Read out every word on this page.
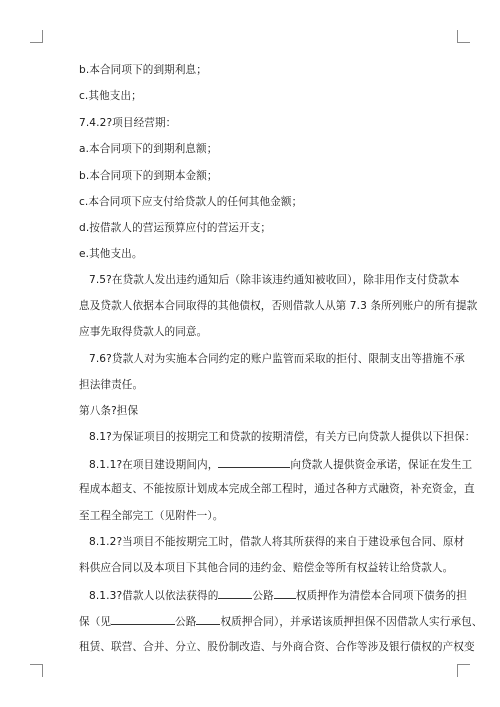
b.本合同项下的到期利息；
c.其他支出；
7.4.2?项目经营期：
a.本合同项下的到期利息额；
b.本合同项下的到期本金额；
c.本合同项下应支付给贷款人的任何其他金额；
d.按借款人的营运预算应付的营运开支；
e.其他支出。
7.5?在贷款人发出违约通知后（除非该违约通知被收回），除非用作支付贷款本
息及贷款人依据本合同取得的其他债权，否则借款人从第 7.3 条所列账户的所有提款
应事先取得贷款人的同意。
7.6?贷款人对为实施本合同约定的账户监管而采取的拒付、限制支出等措施不承
担法律责任。
第八条?担保
8.1?为保证项目的按期完工和贷款的按期清偿，有关方已向贷款人提供以下担保：
8.1.1?在项目建设期间内，	向贷款人提供资金承诺，保证在发生工
程成本超支、不能按原计划成本完成全部工程时，通过各种方式融资，补充资金，直
至工程全部完工（见附件一）。
8.1.2?当项目不能按期完工时，借款人将其所获得的来自于建设承包合同、原材
料供应合同以及本项目下其他合同的违约金、赔偿金等所有权益转让给贷款人。
8.1.3?借款人以依法获得的	公路 权质押作为清偿本合同项下债务的担
保（见	公路 权质押合同），并承诺该质押担保不因借款人实行承包、
租赁、联营、合并、分立、股份制改造、与外商合资、合作等涉及银行债权的产权变
